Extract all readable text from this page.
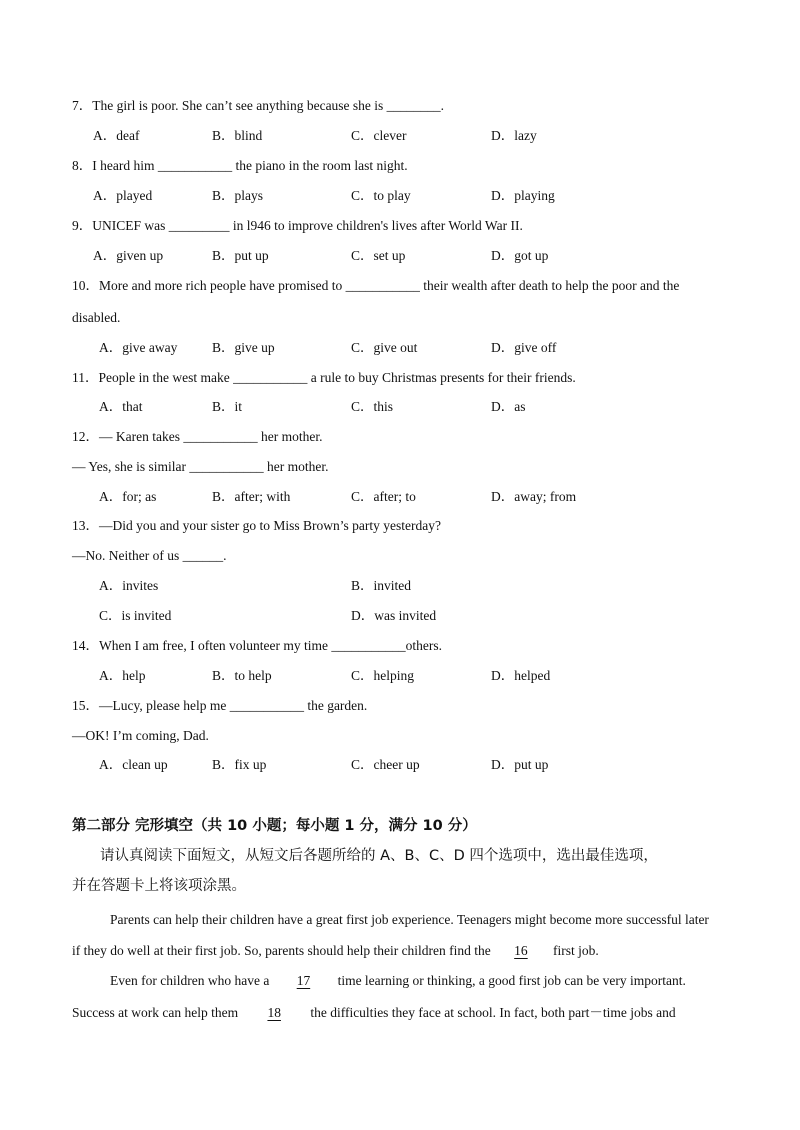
7．The girl is poor. She can’t see anything because she is ________.
A．deaf	B．blind	C．clever	D．lazy
8．I heard him ___________ the piano in the room last night.
A．played	B．plays	C．to play	D．playing
9．UNICEF was _________ in l946 to improve children's lives after World War II.
A．given up	B．put up	C．set up	D．got up
10．More and more rich people have promised to ___________ their wealth after death to help the poor and the
disabled.
A．give away	B．give up	C．give out	D．give off
11．People in the west make ___________ a rule to buy Christmas presents for their friends.
A．that	B．it	C．this	D．as
12．— Karen takes ___________ her mother.
— Yes, she is similar ___________ her mother.
A．for; as	B．after; with	C．after; to	D．away; from
13．—Did you and your sister go to Miss Brown’s party yesterday?
—No. Neither of us ______.
A．invites	B．invited
C．is invited	D．was invited
14．When I am free, I often volunteer my time ___________others.
A．help	B．to help	C．helping	D．helped
15．—Lucy, please help me ___________ the garden.
—OK! I’m coming, Dad.
A．clean up	B．fix up	C．cheer up	D．put up
第二部分 完形填空（共 10 小题；每小题 1 分，满分 10 分）
请认真阅读下面短文，从短文后各题所给的 A、B、C、D 四个选项中，选出最佳选项，
并在答题卡上将该项涂黑。
Parents can help their children have a great first job experience. Teenagers might become more successful later
if they do well at their first job. So, parents should help their children find the 16 first job.
Even for children who have a 17 time learning or thinking, a good first job can be very important.
Success at work can help them 18 the difficulties they face at school. In fact, both part－time jobs and
